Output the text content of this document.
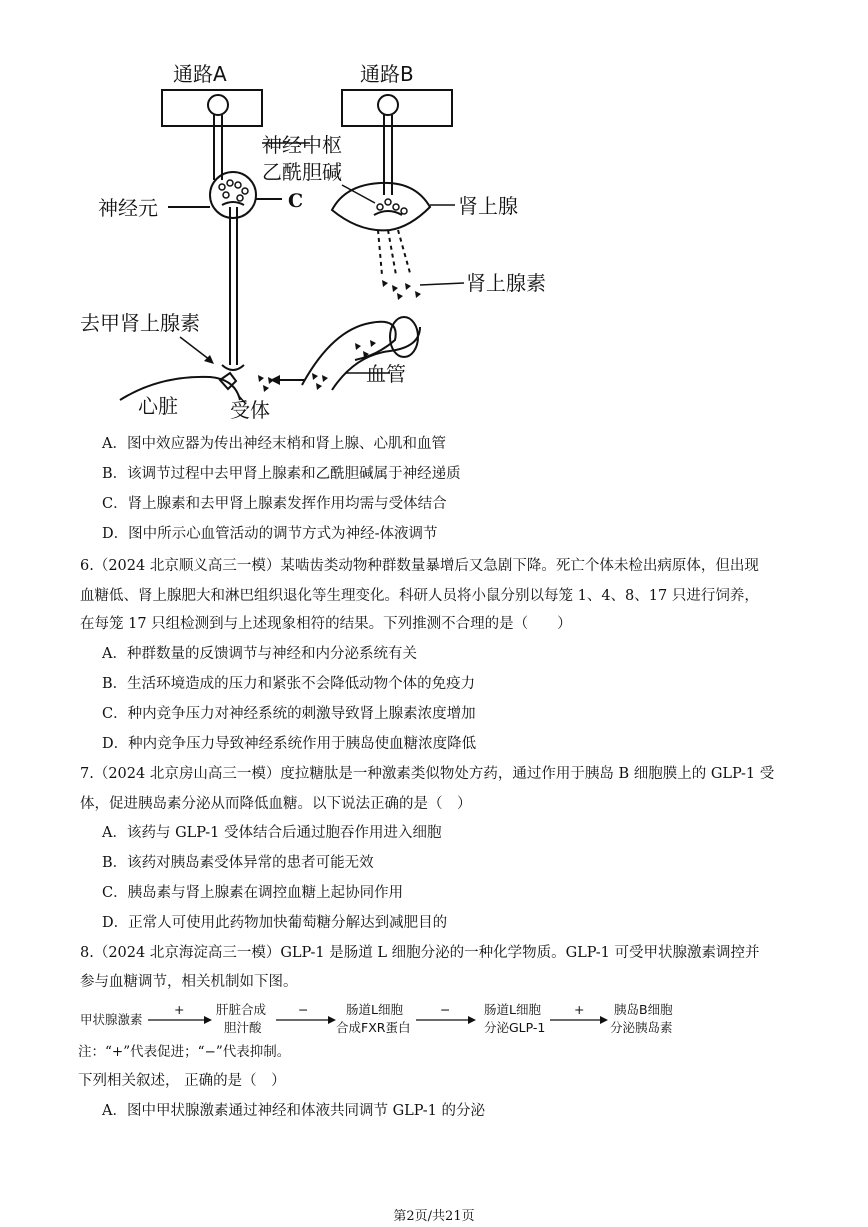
通路A	通路B
神经元	C
神经中枢
乙酰胆碱
肾上腺
肾上腺素
血管
去甲肾上腺素
心脏	受体
A．图中效应器为传出神经末梢和肾上腺、心肌和血管
B．该调节过程中去甲肾上腺素和乙酰胆碱属于神经递质
C．肾上腺素和去甲肾上腺素发挥作用均需与受体结合
D．图中所示心血管活动的调节方式为神经-体液调节
6.（2024 北京顺义高三一模）某啮齿类动物种群数量暴增后又急剧下降。死亡个体未检出病原体，但出现
血糖低、肾上腺肥大和淋巴组织退化等生理变化。科研人员将小鼠分别以每笼 1、4、8、17 只进行饲养，
在每笼 17 只组检测到与上述现象相符的结果。下列推测不合理的是（　　）
A．种群数量的反馈调节与神经和内分泌系统有关
B．生活环境造成的压力和紧张不会降低动物个体的免疫力
C．种内竞争压力对神经系统的刺激导致肾上腺素浓度增加
D．种内竞争压力导致神经系统作用于胰岛使血糖浓度降低
7.（2024 北京房山高三一模）度拉糖肽是一种激素类似物处方药，通过作用于胰岛 B 细胞膜上的 GLP-1 受
体，促进胰岛素分泌从而降低血糖。以下说法正确的是（　）
A．该药与 GLP-1 受体结合后通过胞吞作用进入细胞
B．该药对胰岛素受体异常的患者可能无效
C．胰岛素与肾上腺素在调控血糖上起协同作用
D．正常人可使用此药物加快葡萄糖分解达到减肥目的
8.（2024 北京海淀高三一模）GLP-1 是肠道 L 细胞分泌的一种化学物质。GLP-1 可受甲状腺激素调控并
参与血糖调节，相关机制如下图。
甲状腺激素
+	肝脏合成
胆汁酸
−	肠道L细胞
合成FXR蛋白
−	肠道L细胞
分泌GLP-1
+ 胰岛B细胞
分泌胰岛素
注：“+”代表促进；“−”代表抑制。
下列相关叙述， 正确的是（　）
A．图中甲状腺激素通过神经和体液共同调节 GLP-1 的分泌
第2页/共21页
